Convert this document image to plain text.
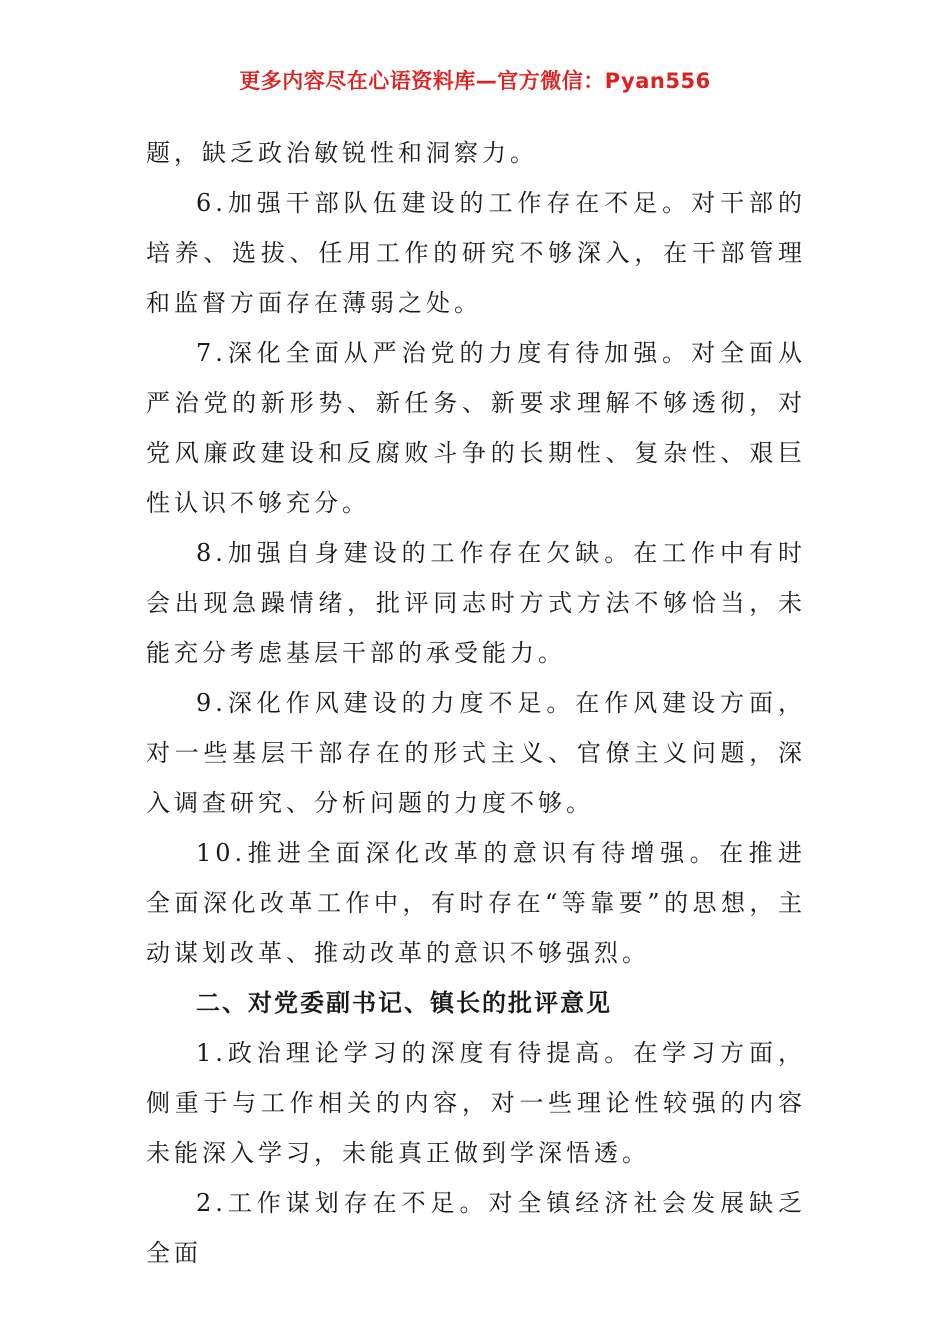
更多内容尽在心语资料库—官方微信：Pyan556

题，缺乏政治敏锐性和洞察力。

6.加强干部队伍建设的工作存在不足。对干部的培养、选拔、任用工作的研究不够深入，在干部管理和监督方面存在薄弱之处。

7.深化全面从严治党的力度有待加强。对全面从严治党的新形势、新任务、新要求理解不够透彻，对党风廉政建设和反腐败斗争的长期性、复杂性、艰巨性认识不够充分。

8.加强自身建设的工作存在欠缺。在工作中有时会出现急躁情绪，批评同志时方式方法不够恰当，未能充分考虑基层干部的承受能力。

9.深化作风建设的力度不足。在作风建设方面，对一些基层干部存在的形式主义、官僚主义问题，深入调查研究、分析问题的力度不够。

10.推进全面深化改革的意识有待增强。在推进全面深化改革工作中，有时存在“等靠要”的思想，主动谋划改革、推动改革的意识不够强烈。

二、对党委副书记、镇长的批评意见

1.政治理论学习的深度有待提高。在学习方面，侧重于与工作相关的内容，对一些理论性较强的内容未能深入学习，未能真正做到学深悟透。

2.工作谋划存在不足。对全镇经济社会发展缺乏全面
